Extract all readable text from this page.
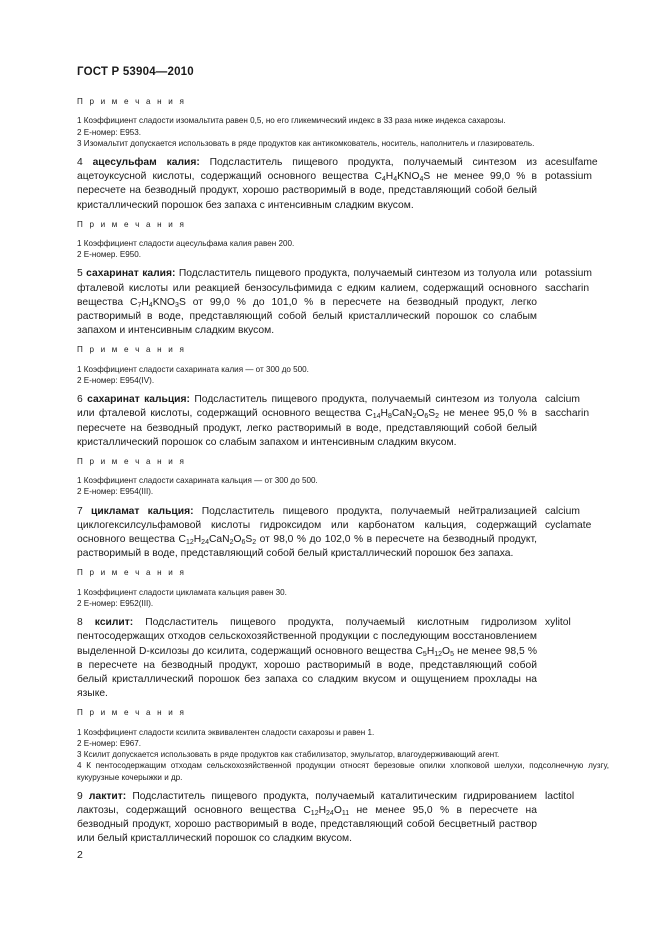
ГОСТ Р 53904—2010

П р и м е ч а н и я

1 Коэффициент сладости изомальтита равен 0,5, но его гликемический индекс в 33 раза ниже индекса сахарозы.

2 Е-номер: Е953.

3 Изомальтит допускается использовать в ряде продуктов как антикомкователь, носитель, наполнитель и глазирователь.

4 ацесульфам калия: Подсластитель пищевого продукта, получаемый синтезом из ацетоуксусной кислоты, содержащий основного вещества $С_4H_4KNO_4S$ не менее 99,0 % в пересчете на безводный продукт, хорошо растворимый в воде, представляющий собой белый кристаллический порошок без запаха с интенсивным сладким вкусом.
acesulfame
potassium

П р и м е ч а н и я

1 Коэффициент сладости ацесульфама калия равен 200.

2 Е-номер. Е950.

5 сахаринат калия: Подсластитель пищевого продукта, получаемый синтезом из толуола или фталевой кислоты или реакцией бензосульфимида с едким калием, содержащий основного вещества $С_7H_4KNO_3S$ от 99,0 % до 101,0 % в пересчете на безводный продукт, легко растворимый в воде, представляющий собой белый кристаллический порошок со слабым запахом и интенсивным сладким вкусом.
potassium
saccharin

П р и м е ч а н и я

1 Коэффициент сладости сахарината калия — от 300 до 500.

2 Е-номер: Е954(IV).

6 сахаринат кальция: Подсластитель пищевого продукта, получаемый синтезом из толуола или фталевой кислоты, содержащий основного вещества $С_{14}H_8CaN_2O_6S_2$ не менее 95,0 % в пересчете на безводный продукт, легко растворимый в воде, представляющий собой белый кристаллический порошок со слабым запахом и интенсивным сладким вкусом.
calcium
saccharin

П р и м е ч а н и я

1 Коэффициент сладости сахарината кальция — от 300 до 500.

2 Е-номер: Е954(III).

7 цикламат кальция: Подсластитель пищевого продукта, получаемый нейтрализацией циклогексилсульфамовой кислоты гидроксидом или карбонатом кальция, содержащий основного вещества $С_{12}H_{24}CaN_2O_6S_2$ от 98,0 % до 102,0 % в пересчете на безводный продукт, растворимый в воде, представляющий собой белый кристаллический порошок без запаха.
calcium
cyclamate

П р и м е ч а н и я

1 Коэффициент сладости цикламата кальция равен 30.

2 Е-номер: Е952(III).

8 ксилит: Подсластитель пищевого продукта, получаемый кислотным гидролизом пентосодержащих отходов сельскохозяйственной продукции с последующим восстановлением выделенной D-ксилозы до ксилита, содержащий основного вещества $С_5H_{12}O_5$ не менее 98,5 % в пересчете на безводный продукт, хорошо растворимый в воде, представляющий собой белый кристаллический порошок без запаха со сладким вкусом и ощущением прохлады на языке.
xylitol

П р и м е ч а н и я

1 Коэффициент сладости ксилита эквивалентен сладости сахарозы и равен 1.

2 Е-номер: Е967.

3 Ксилит допускается использовать в ряде продуктов как стабилизатор, эмульгатор, влагоудерживающий агент.

4 К пентосодержащим отходам сельскохозяйственной продукции относят березовые опилки хлопковой шелухи, подсолнечную лузгу, кукурузные кочерыжки и др.

9 лактит: Подсластитель пищевого продукта, получаемый каталитическим гидрированием лактозы, содержащий основного вещества $С_{12}H_{24}O_{11}$ не менее 95,0 % в пересчете на безводный продукт, хорошо растворимый в воде, представляющий собой бесцветный раствор или белый кристаллический порошок со сладким вкусом.
lactitol
2
